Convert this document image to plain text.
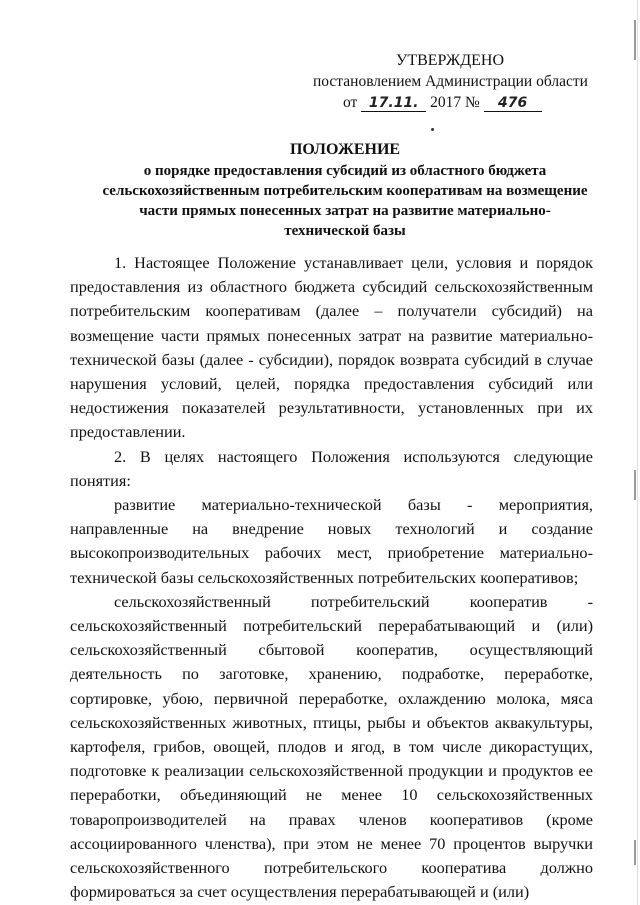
УТВЕРЖДЕНО
постановлением Администрации области
от 17.11. 2017 № 476
ПОЛОЖЕНИЕ
о порядке предоставления субсидий из областного бюджета сельскохозяйственным потребительским кооперативам на возмещение части прямых понесенных затрат на развитие материально-технической базы

1. Настоящее Положение устанавливает цели, условия и порядок предоставления из областного бюджета субсидий сельскохозяйственным потребительским кооперативам (далее – получатели субсидий) на возмещение части прямых понесенных затрат на развитие материально-технической базы (далее - субсидии), порядок возврата субсидий в случае нарушения условий, целей, порядка предоставления субсидий или недостижения показателей результативности, установленных при их предоставлении.

2. В целях настоящего Положения используются следующие понятия:

развитие материально-технической базы - мероприятия, направленные на внедрение новых технологий и создание высокопроизводительных рабочих мест, приобретение материально-технической базы сельскохозяйственных потребительских кооперативов;

сельскохозяйственный потребительский кооператив - сельскохозяйственный потребительский перерабатывающий и (или) сельскохозяйственный сбытовой кооператив, осуществляющий деятельность по заготовке, хранению, подработке, переработке, сортировке, убою, первичной переработке, охлаждению молока, мяса сельскохозяйственных животных, птицы, рыбы и объектов аквакультуры, картофеля, грибов, овощей, плодов и ягод, в том числе дикорастущих, подготовке к реализации сельскохозяйственной продукции и продуктов ее переработки, объединяющий не менее 10 сельскохозяйственных товаропроизводителей на правах членов кооперативов (кроме ассоциированного членства), при этом не менее 70 процентов выручки сельскохозяйственного потребительского кооператива должно формироваться за счет осуществления перерабатывающей и (или)
